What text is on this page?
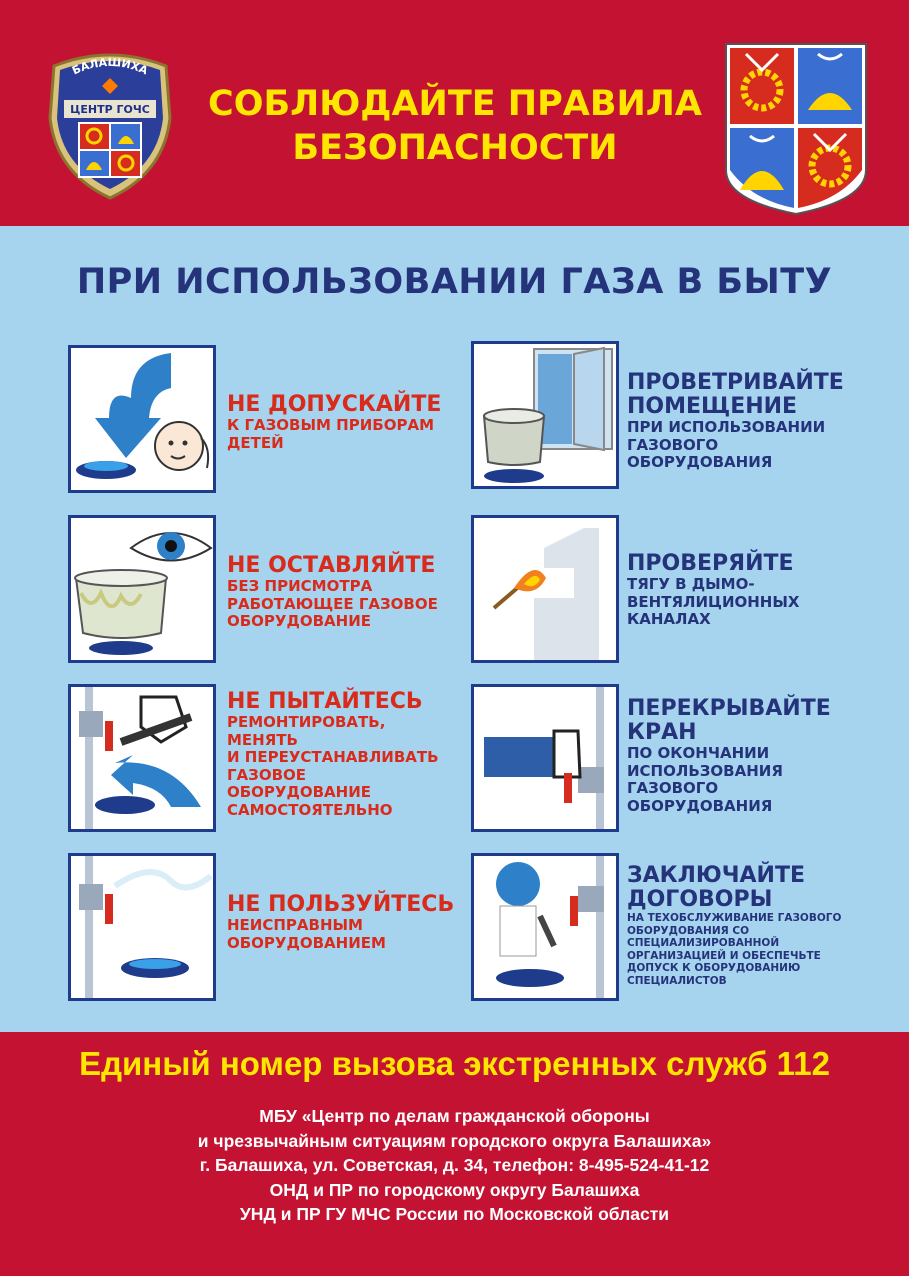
БАЛАШИХА
ЦЕНТР ГОЧС	СОБЛЮДАЙТЕ ПРАВИЛА
БЕЗОПАСНОСТИ
ПРИ ИСПОЛЬЗОВАНИИ ГАЗА В БЫТУ
НЕ ДОПУСКАЙТЕ
К ГАЗОВЫМ ПРИБОРАМ
ДЕТЕЙ
НЕ ОСТАВЛЯЙТЕ
БЕЗ ПРИСМОТРА
РАБОТАЮЩЕЕ ГАЗОВОЕ
ОБОРУДОВАНИЕ
НЕ ПЫТАЙТЕСЬ
РЕМОНТИРОВАТЬ,
МЕНЯТЬ
И ПЕРЕУСТАНАВЛИВАТЬ
ГАЗОВОЕ
ОБОРУДОВАНИЕ
САМОСТОЯТЕЛЬНО
НЕ ПОЛЬЗУЙТЕСЬ
НЕИСПРАВНЫМ
ОБОРУДОВАНИЕМ
ПРОВЕТРИВАЙТЕ
ПОМЕЩЕНИЕ
ПРИ ИСПОЛЬЗОВАНИИ
ГАЗОВОГО
ОБОРУДОВАНИЯ
ПРОВЕРЯЙТЕ
ТЯГУ В ДЫМО-
ВЕНТЯЛИЦИОННЫХ
КАНАЛАХ
ПЕРЕКРЫВАЙТЕ
КРАН
ПО ОКОНЧАНИИ
ИСПОЛЬЗОВАНИЯ
ГАЗОВОГО
ОБОРУДОВАНИЯ
ЗАКЛЮЧАЙТЕ
ДОГОВОРЫ
НА ТЕХОБСЛУЖИВАНИЕ ГАЗОВОГО
ОБОРУДОВАНИЯ СО
СПЕЦИАЛИЗИРОВАННОЙ
ОРГАНИЗАЦИЕЙ И ОБЕСПЕЧЬТЕ
ДОПУСК К ОБОРУДОВАНИЮ
СПЕЦИАЛИСТОВ
Единый номер вызова экстренных служб 112
МБУ «Центр по делам гражданской обороны
и чрезвычайным ситуациям городского округа Балашиха»
г. Балашиха, ул. Советская, д. 34, телефон: 8-495-524-41-12
ОНД и ПР по городскому округу Балашиха
УНД и ПР ГУ МЧС России по Московской области
